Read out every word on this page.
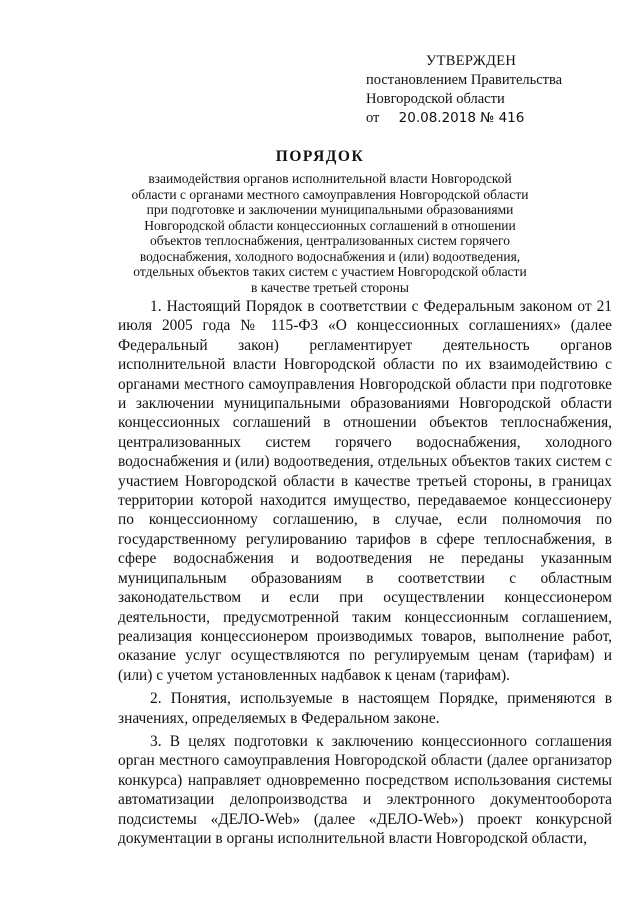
УТВЕРЖДЕН
постановлением Правительства
Новгородской области
от 20.08.2018 № 416
ПОРЯДОК
взаимодействия органов исполнительной власти Новгородской области с органами местного самоуправления Новгородской области при подготовке и заключении муниципальными образованиями Новгородской области концессионных соглашений в отношении объектов теплоснабжения, централизованных систем горячего водоснабжения, холодного водоснабжения и (или) водоотведения, отдельных объектов таких систем с участием Новгородской области в качестве третьей стороны

1. Настоящий Порядок в соответствии с Федеральным законом от 21 июля 2005 года № 115-ФЗ «О концессионных соглашениях» (далее Федеральный закон) регламентирует деятельность органов исполнительной власти Новгородской области по их взаимодействию с органами местного самоуправления Новгородской области при подготовке и заключении муниципальными образованиями Новгородской области концессионных соглашений в отношении объектов теплоснабжения, централизованных систем горячего водоснабжения, холодного водоснабжения и (или) водоотведения, отдельных объектов таких систем с участием Новгородской области в качестве третьей стороны, в границах территории которой находится имущество, передаваемое концессионеру по концессионному соглашению, в случае, если полномочия по государственному регулированию тарифов в сфере теплоснабжения, в сфере водоснабжения и водоотведения не переданы указанным муниципальным образованиям в соответствии с областным законодательством и если при осуществлении концессионером деятельности, предусмотренной таким концессионным соглашением, реализация концессионером производимых товаров, выполнение работ, оказание услуг осуществляются по регулируемым ценам (тарифам) и (или) с учетом установленных надбавок к ценам (тарифам).

2. Понятия, используемые в настоящем Порядке, применяются в значениях, определяемых в Федеральном законе.

3. В целях подготовки к заключению концессионного соглашения орган местного самоуправления Новгородской области (далее организатор конкурса) направляет одновременно посредством использования системы автоматизации делопроизводства и электронного документооборота подсистемы «ДЕЛО-Web» (далее «ДЕЛО-Web») проект конкурсной документации в органы исполнительной власти Новгородской области,
